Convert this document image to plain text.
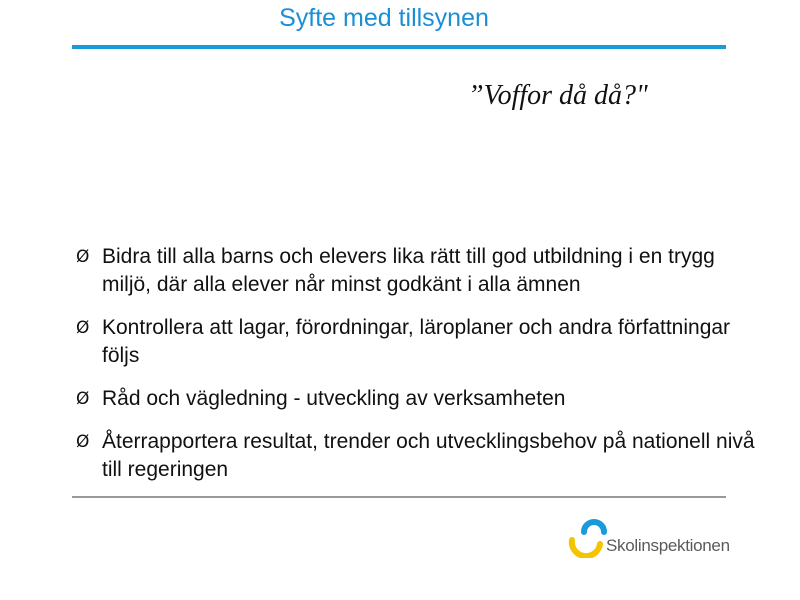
Syfte med tillsynen
”Voffor då då?"
Ø Bidra till alla barns och elevers lika rätt till god utbildning i en trygg miljö, där alla elever når minst godkänt i alla ämnen
Ø Kontrollera att lagar, förordningar, läroplaner och andra författningar följs
Ø Råd och vägledning - utveckling av verksamheten
Ø Återrapportera resultat, trender och utvecklingsbehov på nationell nivå till regeringen
Skolinspektionen
